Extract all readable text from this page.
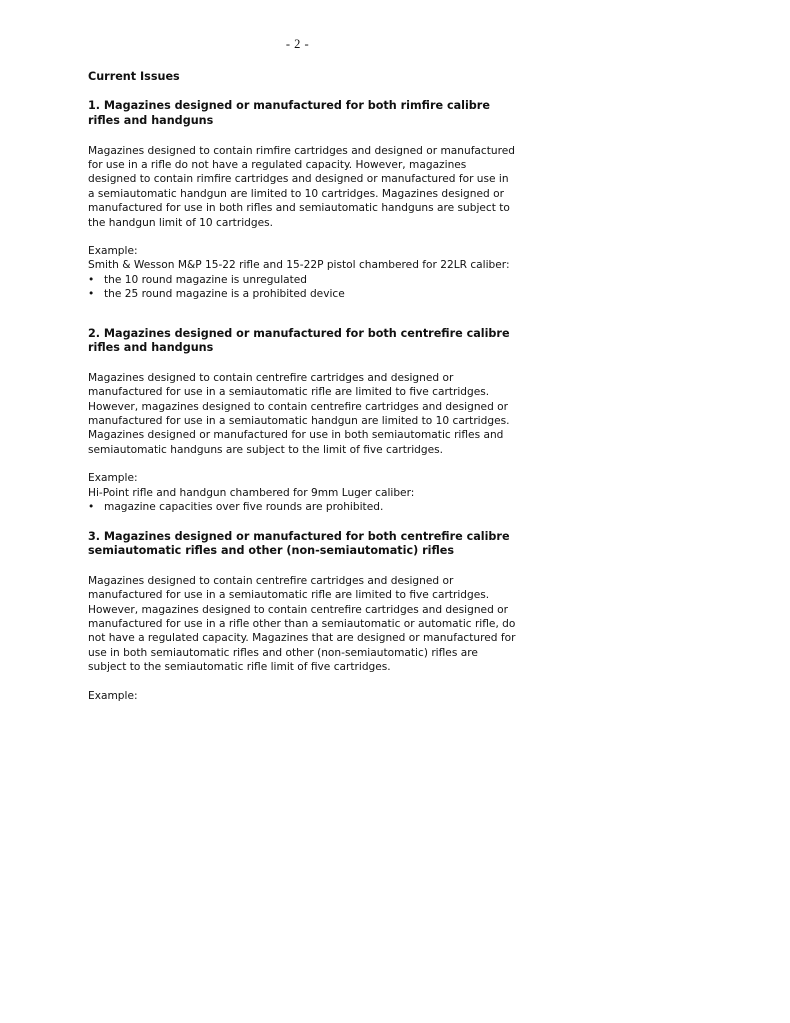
- 2 -
Current Issues
1. Magazines designed or manufactured for both rimfire calibre rifles and handguns

Magazines designed to contain rimfire cartridges and designed or manufactured for use in a rifle do not have a regulated capacity. However, magazines designed to contain rimfire cartridges and designed or manufactured for use in a semiautomatic handgun are limited to 10 cartridges. Magazines designed or manufactured for use in both rifles and semiautomatic handguns are subject to the handgun limit of 10 cartridges.

Example:

Smith & Wesson M&P 15-22 rifle and 15-22P pistol chambered for 22LR caliber:

• the 10 round magazine is unregulated
• the 25 round magazine is a prohibited device
2. Magazines designed or manufactured for both centrefire calibre rifles and handguns

Magazines designed to contain centrefire cartridges and designed or manufactured for use in a semiautomatic rifle are limited to five cartridges. However, magazines designed to contain centrefire cartridges and designed or manufactured for use in a semiautomatic handgun are limited to 10 cartridges. Magazines designed or manufactured for use in both semiautomatic rifles and semiautomatic handguns are subject to the limit of five cartridges.

Example:

Hi-Point rifle and handgun chambered for 9mm Luger caliber:

• magazine capacities over five rounds are prohibited.
3. Magazines designed or manufactured for both centrefire calibre semiautomatic rifles and other (non-semiautomatic) rifles

Magazines designed to contain centrefire cartridges and designed or manufactured for use in a semiautomatic rifle are limited to five cartridges. However, magazines designed to contain centrefire cartridges and designed or manufactured for use in a rifle other than a semiautomatic or automatic rifle, do not have a regulated capacity. Magazines that are designed or manufactured for use in both semiautomatic rifles and other (non-semiautomatic) rifles are subject to the semiautomatic rifle limit of five cartridges.

Example:
